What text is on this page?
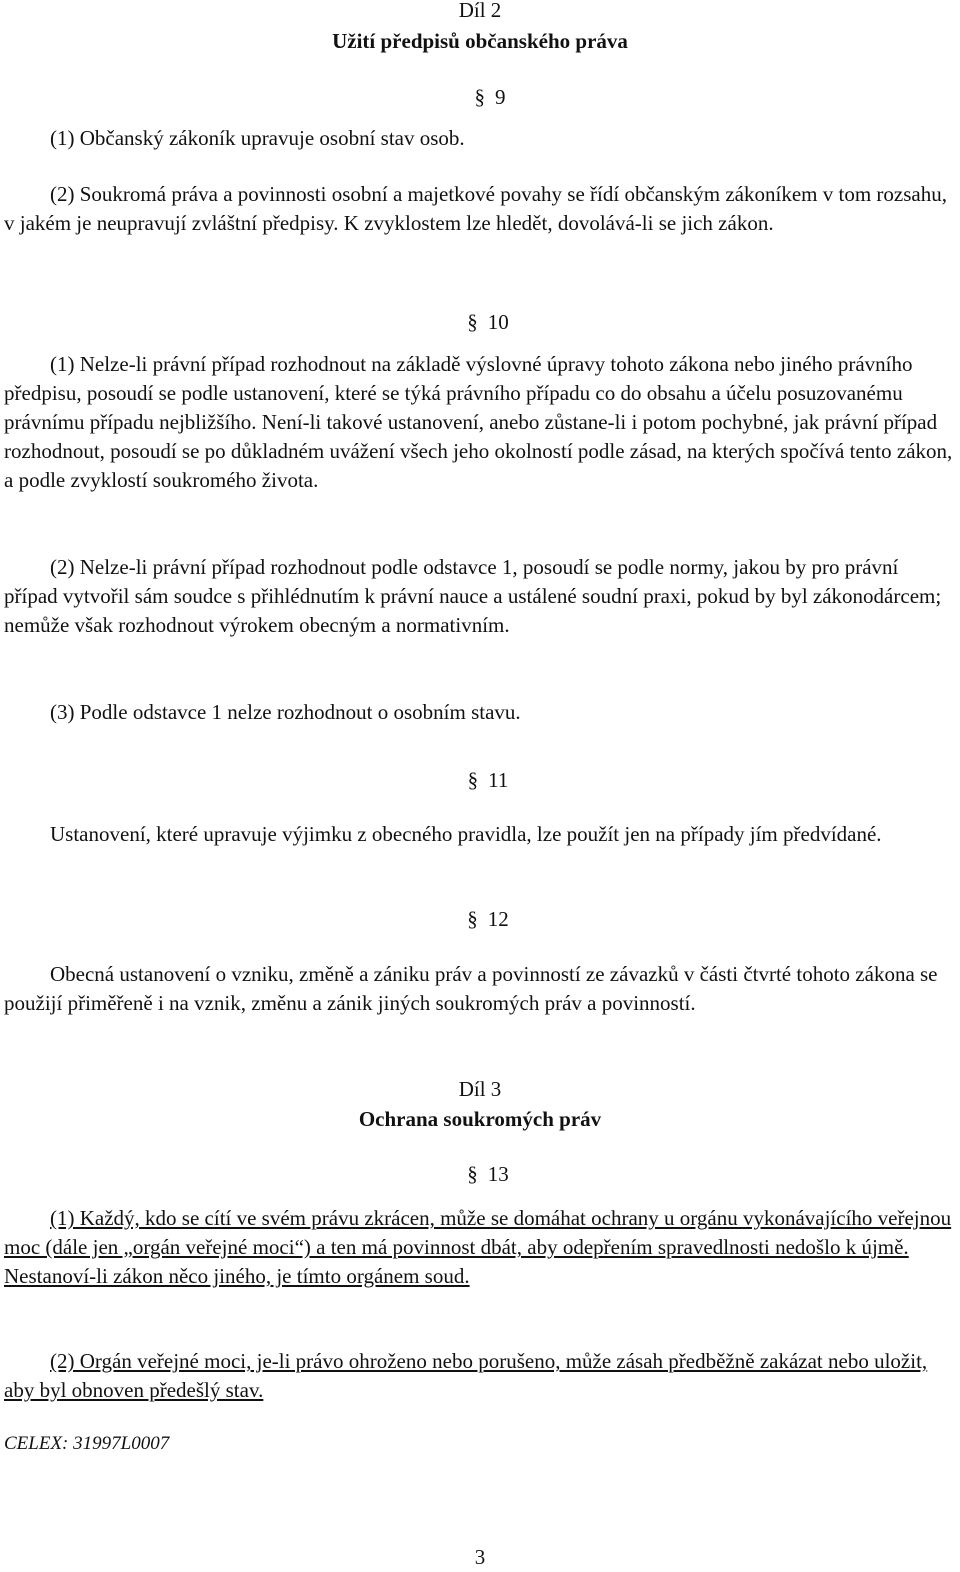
Díl 2
Užití předpisů občanského práva
§ 9

(1) Občanský zákoník upravuje osobní stav osob.

(2) Soukromá práva a povinnosti osobní a majetkové povahy se řídí občanským zákoníkem v tom rozsahu, v jakém je neupravují zvláštní předpisy. K zvyklostem lze hledět, dovolává-li se jich zákon.

§ 10

(1) Nelze-li právní případ rozhodnout na základě výslovné úpravy tohoto zákona nebo jiného právního předpisu, posoudí se podle ustanovení, které se týká právního případu co do obsahu a účelu posuzovanému právnímu případu nejbližšího. Není-li takové ustanovení, anebo zůstane-li i potom pochybné, jak právní případ rozhodnout, posoudí se po důkladném uvážení všech jeho okolností podle zásad, na kterých spočívá tento zákon, a podle zvyklostí soukromého života.

(2) Nelze-li právní případ rozhodnout podle odstavce 1, posoudí se podle normy, jakou by pro právní případ vytvořil sám soudce s přihlédnutím k právní nauce a ustálené soudní praxi, pokud by byl zákonodárcem; nemůže však rozhodnout výrokem obecným a normativním.

(3) Podle odstavce 1 nelze rozhodnout o osobním stavu.

§ 11

Ustanovení, které upravuje výjimku z obecného pravidla, lze použít jen na případy jím předvídané.

§ 12

Obecná ustanovení o vzniku, změně a zániku práv a povinností ze závazků v části čtvrté tohoto zákona se použijí přiměřeně i na vznik, změnu a zánik jiných soukromých práv a povinností.

Díl 3
Ochrana soukromých práv
§ 13

(1) Každý, kdo se cítí ve svém právu zkrácen, může se domáhat ochrany u orgánu vykonávajícího veřejnou moc (dále jen „orgán veřejné moci“) a ten má povinnost dbát, aby odepřením spravedlnosti nedošlo k újmě. Nestanoví-li zákon něco jiného, je tímto orgánem soud.

(2) Orgán veřejné moci, je-li právo ohroženo nebo porušeno, může zásah předběžně zakázat nebo uložit, aby byl obnoven předešlý stav.

CELEX: 31997L0007
3
